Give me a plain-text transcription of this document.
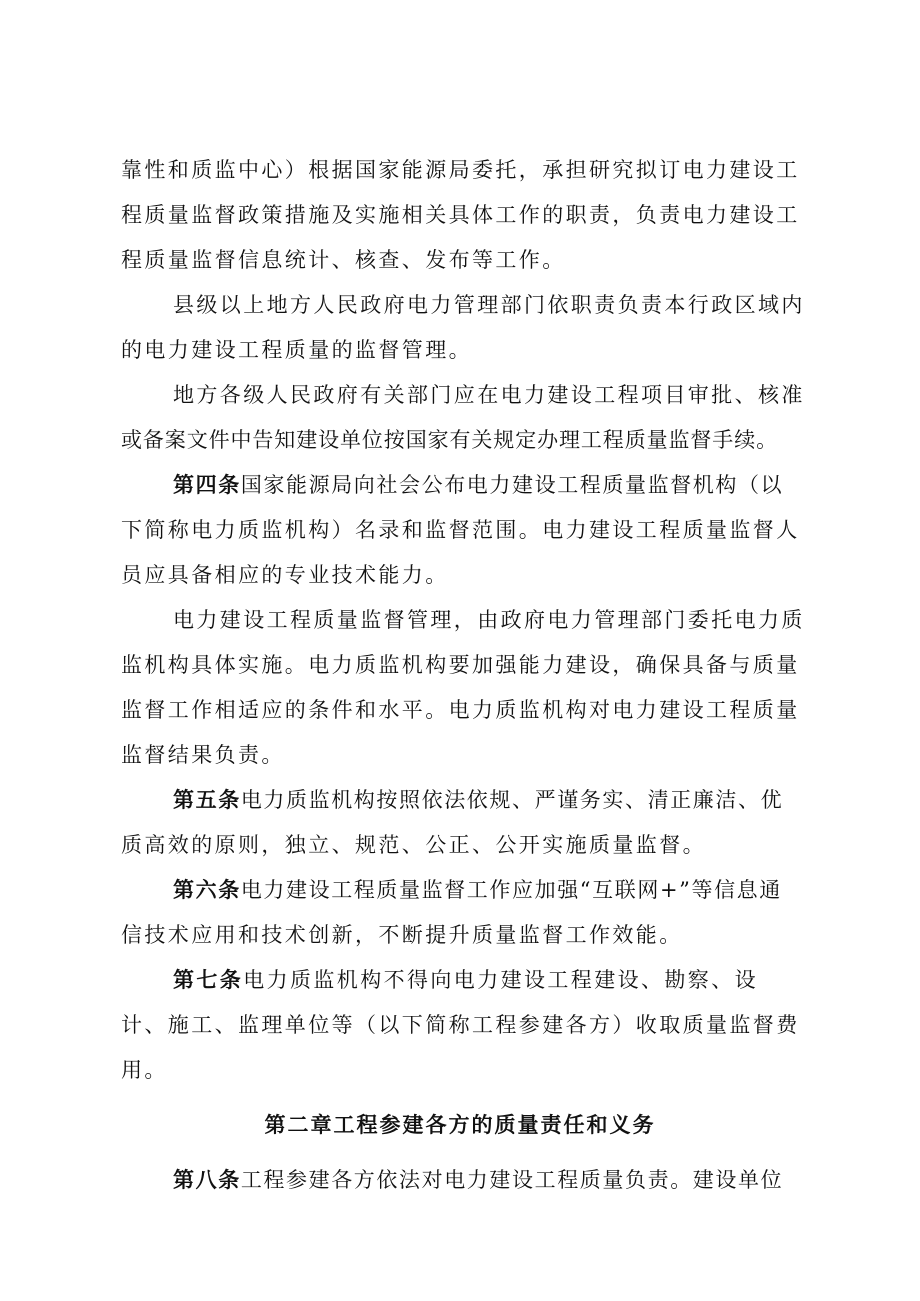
靠性和质监中心）根据国家能源局委托，承担研究拟订电力建设工
程质量监督政策措施及实施相关具体工作的职责，负责电力建设工
程质量监督信息统计、核查、发布等工作。
县级以上地方人民政府电力管理部门依职责负责本行政区域内
的电力建设工程质量的监督管理。
地方各级人民政府有关部门应在电力建设工程项目审批、核准
或备案文件中告知建设单位按国家有关规定办理工程质量监督手续。
第四条国家能源局向社会公布电力建设工程质量监督机构（以
下简称电力质监机构）名录和监督范围。电力建设工程质量监督人
员应具备相应的专业技术能力。
电力建设工程质量监督管理，由政府电力管理部门委托电力质
监机构具体实施。电力质监机构要加强能力建设，确保具备与质量
监督工作相适应的条件和水平。电力质监机构对电力建设工程质量
监督结果负责。
第五条电力质监机构按照依法依规、严谨务实、清正廉洁、优
质高效的原则，独立、规范、公正、公开实施质量监督。
第六条电力建设工程质量监督工作应加强“互联网+”等信息通
信技术应用和技术创新，不断提升质量监督工作效能。
第七条电力质监机构不得向电力建设工程建设、勘察、设
计、施工、监理单位等（以下简称工程参建各方）收取质量监督费
用。
第二章工程参建各方的质量责任和义务
第八条工程参建各方依法对电力建设工程质量负责。建设单位
